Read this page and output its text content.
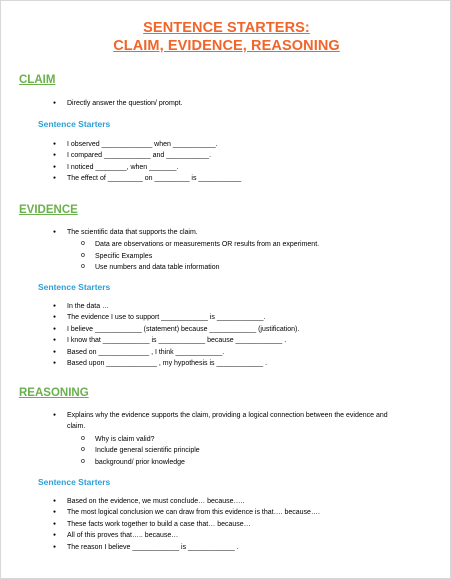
SENTENCE STARTERS:
CLAIM, EVIDENCE, REASONING
CLAIM
● Directly answer the question/ prompt.
Sentence Starters
● I observed _____________ when ___________.
● I compared ____________ and ___________.
● I noticed ________, when _______.
● The effect of _________ on _________ is ___________
EVIDENCE
● The scientific data that supports the claim.
o Data are observations or measurements OR results from an experiment.
o Specific Examples
o Use numbers and data table information
Sentence Starters
● In the data …
● The evidence I use to support ____________ is ____________.
● I believe ____________ (statement) because ____________ (justification).
● I know that ____________ is ____________ because ____________ .
● Based on _____________ , I think ____________.
● Based upon _____________ , my hypothesis is ____________ .
REASONING
● Explains why the evidence supports the claim, providing a logical connection between the evidence and claim.
o Why is claim valid?
o Include general scientific principle
o background/ prior knowledge
Sentence Starters
● Based on the evidence, we must conclude… because…..
● The most logical conclusion we can draw from this evidence is that…. because….
● These facts work together to build a case that… because…
● All of this proves that….. because…
● The reason I believe ____________ is ____________ .
